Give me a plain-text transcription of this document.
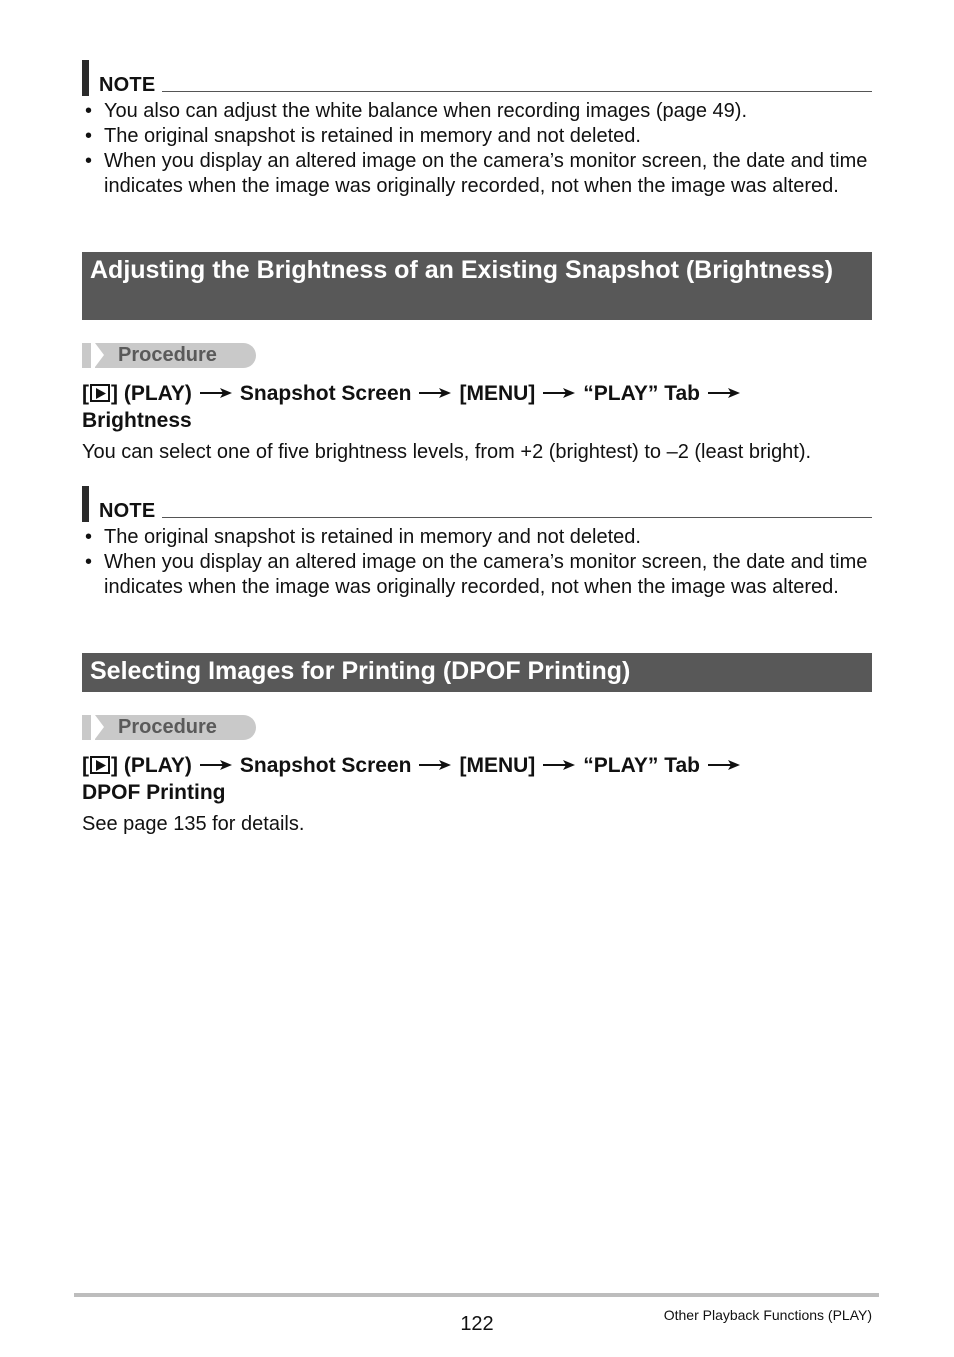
NOTE
• You also can adjust the white balance when recording images (page 49).
• The original snapshot is retained in memory and not deleted.
• When you display an altered image on the camera’s monitor screen, the date and time indicates when the image was originally recorded, not when the image was altered.
Adjusting the Brightness of an Existing Snapshot (Brightness)
Procedure
[ ] (PLAY) Snapshot Screen [MENU] “PLAY” Tab
Brightness
You can select one of five brightness levels, from +2 (brightest) to –2 (least bright).
NOTE
• The original snapshot is retained in memory and not deleted.
• When you display an altered image on the camera’s monitor screen, the date and time indicates when the image was originally recorded, not when the image was altered.
Selecting Images for Printing (DPOF Printing)
Procedure
[ ] (PLAY) Snapshot Screen [MENU] “PLAY” Tab
DPOF Printing
See page 135 for details.
122	Other Playback Functions (PLAY)
